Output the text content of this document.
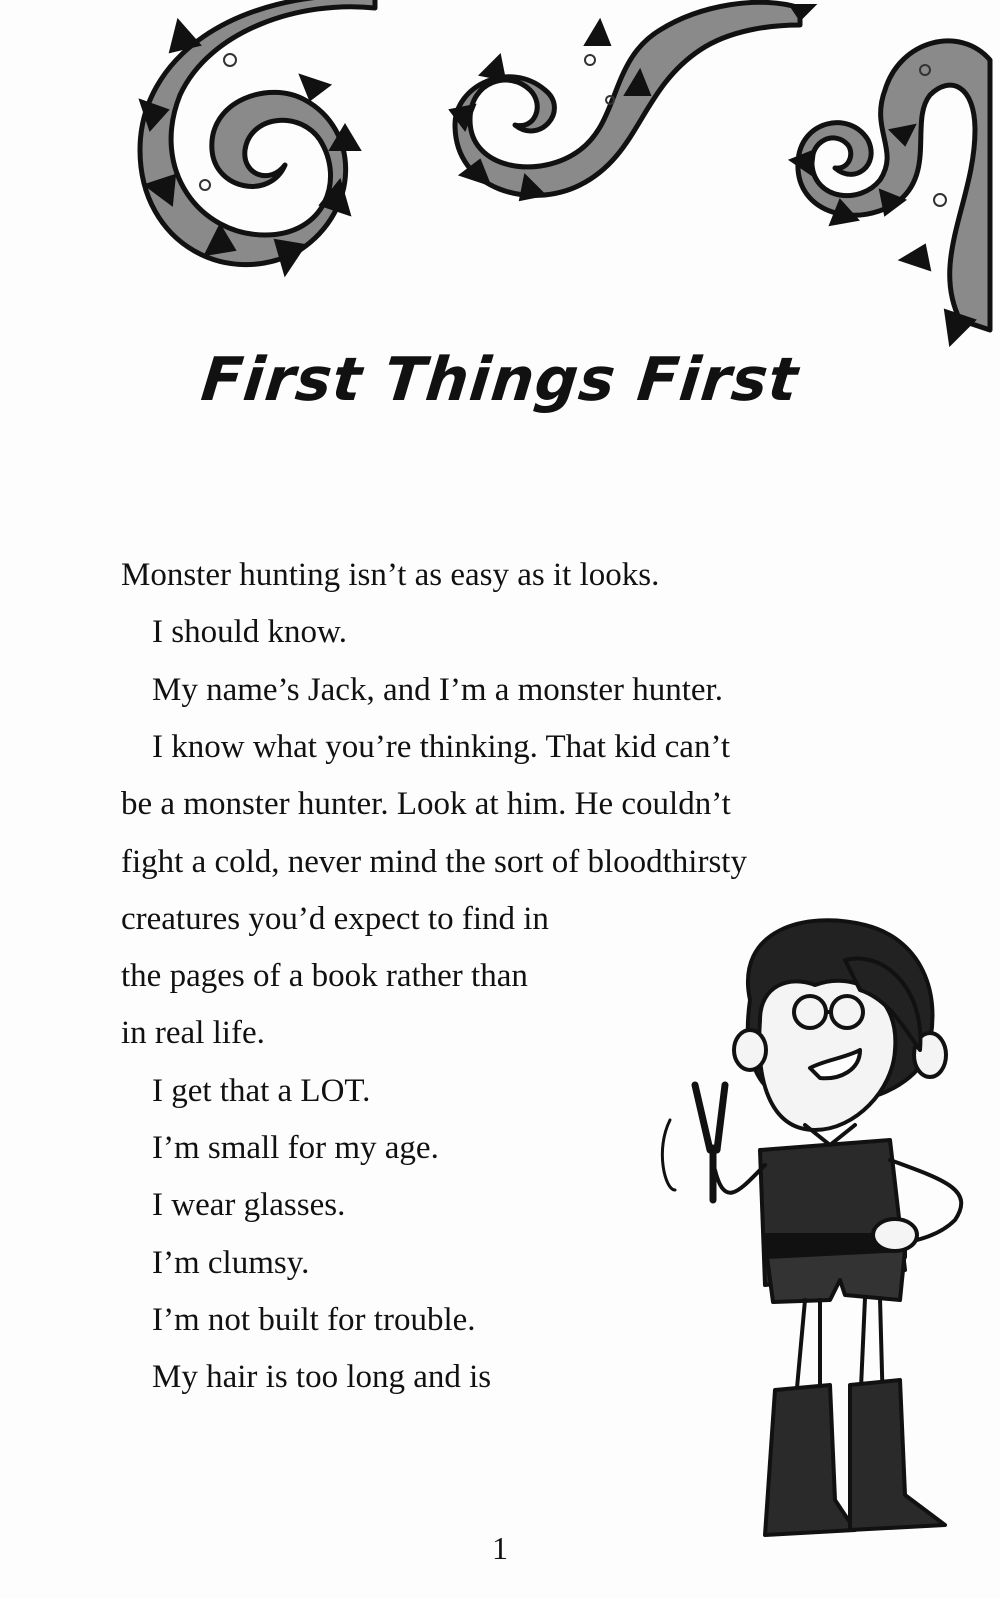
First Things First
Monster hunting isn’t as easy as it looks.
I should know.
My name’s Jack, and I’m a monster hunter.
I know what you’re thinking. That kid can’t
be a monster hunter. Look at him. He couldn’t
fight a cold, never mind the sort of bloodthirsty
creatures you’d expect to find in
the pages of a book rather than
in real life.
I get that a LOT.
I’m small for my age.
I wear glasses.
I’m clumsy.
I’m not built for trouble.
My hair is too long and is
1
